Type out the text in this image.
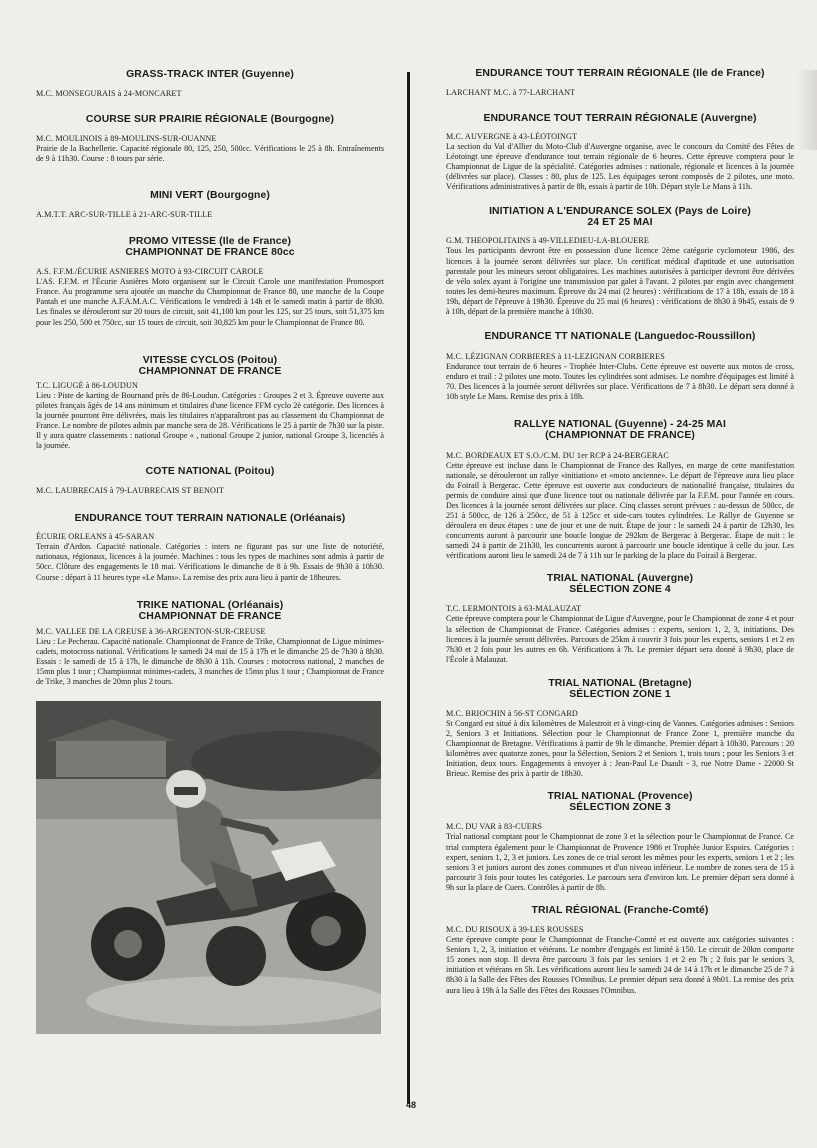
GRASS-TRACK INTER (Guyenne)

M.C. MONSEGURAIS à 24-MONCARET

COURSE SUR PRAIRIE RÉGIONALE (Bourgogne)

M.C. MOULINOIS à 89-MOULINS-SUR-OUANNE

Prairie de la Bachellerie. Capacité régionale 80, 125, 250, 500cc. Vérifications le 25 à 8h. Entraînements de 9 à 11h30. Course : 8 tours par série.

MINI VERT (Bourgogne)

A.M.T.T. ARC-SUR-TILLE à 21-ARC-SUR-TILLE

PROMO VITESSE (Ile de France)
CHAMPIONNAT DE FRANCE 80cc

A.S. F.F.M./ÉCURIE ASNIERES MOTO à 93-CIRCUIT CAROLE

L'AS. F.F.M. et l'Écurie Asnières Moto organisent sur le Circuit Carole une manifestation Promosport France. Au programme sera ajoutée un manche du Championnat de France 80, une manche de la Coupe Pantah et une manche A.F.A.M.A.C. Vérifications le vendredi à 14h et le samedi matin à partir de 8h30. Les finales se dérouleront sur 20 tours de circuit, soit 41,100 km pour les 125, sur 25 tours, soit 51,375 km pour les 250, 500 et 750cc, sur 15 tours de circuit, soit 30,825 km pour le Championnat de France 80.

VITESSE CYCLOS (Poitou)
CHAMPIONNAT DE FRANCE

T.C. LIGUGÉ à 86-LOUDUN

Lieu : Piste de karting de Bournand près de 86-Loudun. Catégories : Groupes 2 et 3. Épreuve ouverte aux pilotes français âgés de 14 ans minimum et titulaires d'une licence FFM cyclo 2è catégorie. Des licences à la journée pourront être délivrées, mais les titulaires n'apparaîtront pas au classement du Championnat de France. Le nombre de pilotes admis par manche sera de 28. Vérifications le 25 à partir de 7h30 sur la piste. Il y aura quatre classements : national Groupe « , national Groupe 2 junior, national Groupe 3, licenciés à la journée.

COTE NATIONAL (Poitou)

M.C. LAUBRECAIS à 79-LAUBRECAIS ST BENOIT

ENDURANCE TOUT TERRAIN NATIONALE (Orléanais)

ÉCURIE ORLEANS à 45-SARAN

Terrain d'Ardon. Capacité nationale. Catégories : inters ne figurant pas sur une liste de notoriété, nationaux, régionaux, licences à la journée. Machines : tous les types de machines sont admis à partir de 50cc. Clôture des engagements le 18 mai. Vérifications le dimanche de 8 à 9h. Essais de 9h30 à 10h30. Course : départ à 11 heures type «Le Mans». La remise des prix aura lieu à partir de 18heures.

TRIKE NATIONAL (Orléanais)
CHAMPIONNAT DE FRANCE

M.C. VALLEE DE LA CREUSE à 36-ARGENTON-SUR-CREUSE

Lieu : Le Pecherau. Capacité nationale. Championnat de France de Trike, Championnat de Ligue minimes-cadets, motocross national. Vérifications le samedi 24 mai de 15 à 17h et le dimanche 25 de 7h30 à 8h30. Essais : le samedi de 15 à 17h, le dimanche de 8h30 à 11h. Courses : motocross national, 2 manches de 15mn plus 1 tour ; Championnat minimes-cadets, 3 manches de 15mn plus 1 tour ; Championnat de France de Trike, 3 manches de 20mn plus 2 tours.

ENDURANCE TOUT TERRAIN RÉGIONALE (Ile de France)

LARCHANT M.C. à 77-LARCHANT

ENDURANCE TOUT TERRAIN RÉGIONALE (Auvergne)

M.C. AUVERGNE à 43-LÉOTOINGT

La section du Val d'Allier du Moto-Club d'Auvergne organise, avec le concours du Comité des Fêtes de Léotoingt une épreuve d'endurance tout terrain régionale de 6 heures. Cette épreuve comptera pour le Championnat de Ligue de la spécialité. Catégories admises : nationale, régionale et licences à la journée (délivrées sur place). Classes : 80, plus de 125. Les équipages seront composés de 2 pilotes, une moto. Vérifications administratives à partir de 8h, essais à partir de 10h. Départ style Le Mans à 11h.

INITIATION A L'ENDURANCE SOLEX (Pays de Loire)
24 ET 25 MAI

G.M. THEOPOLITAINS à 49-VILLEDIEU-LA-BLOUERE

Tous les participants devront être en possession d'une licence 2ème catégorie cyclomoteur 1986, des licences à la journée seront délivrées sur place. Un certificat médical d'aptitude et une autorisation parentale pour les mineurs seront obligatoires. Les machines autorisées à participer devront être dérivées de vélo solex ayant à l'origine une transmission par galet à l'avant. 2 pilotes par engin avec changement toutes les demi-heures maximum. Épreuve du 24 mai (2 heures) : vérifications de 17 à 18h, essais de 18 à 19h, départ de l'épreuve à 19h30. Épreuve du 25 mai (6 heures) : vérifications de 8h30 à 9h45, essais de 9 à 10h, départ de la première manche à 10h30.

ENDURANCE TT NATIONALE (Languedoc-Roussillon)

M.C. LÉZIGNAN CORBIERES à 11-LEZIGNAN CORBIERES

Endurance tout terrain de 6 heures - Trophée Inter-Clubs. Cette épreuve est ouverte aux motos de cross, enduro et trail : 2 pilotes une moto. Toutes les cylindrées sont admises. Le nombre d'équipages est limité à 70. Des licences à la journée seront délivrées sur place. Vérifications de 7 à 8h30. Le départ sera donné à 10h style Le Mans. Remise des prix à 18h.

RALLYE NATIONAL (Guyenne) - 24-25 MAI
(CHAMPIONNAT DE FRANCE)

M.C. BORDEAUX ET S.O./C.M. DU 1er RCP à 24-BERGERAC

Cette épreuve est incluse dans le Championnat de France des Rallyes, en marge de cette manifestation nationale, se dérouleront un rallye «initiation» et «moto ancienne». Le départ de l'épreuve aura lieu place du Foirail à Bergerac. Cette épreuve est ouverte aux conducteurs de nationalité française, titulaires du permis de conduire ainsi que d'une licence tout ou nationale délivrée par la F.F.M. pour l'année en cours. Des licences à la journée seront délivrées sur place. Cinq classes seront prévues : au-dessus de 500cc, de 251 à 500cc, de 126 à 250cc, de 51 à 125cc et side-cars toutes cylindrées. Le Rallye de Guyenne se déroulera en deux étapes : une de jour et une de nuit. Étape de jour : le samedi 24 à partir de 12h30, les concurrents auront à parcourir une boucle longue de 292km de Bergerac à Bergerac. Étape de nuit : le samedi 24 à partir de 21h30, les concurrents auront à parcourir une boucle identique à celle du jour. Les vérifications auront lieu le samedi 24 de 7 à 11h sur le parking de la place du Foirail à Bergerac.

TRIAL NATIONAL (Auvergne)
SÉLECTION ZONE 4

T.C. LERMONTOIS à 63-MALAUZAT

Cette épreuve comptera pour le Championnat de Ligue d'Auvergne, pour le Championnat de zone 4 et pour la sélection de Championnat de France. Catégories admises : experts, seniors 1, 2, 3, initiations. Des licences à la journée seront délivrées. Parcours de 25km à couvrir 3 fois pour les experts, seniors 1 et 2 en 7h30 et 2 fois pour les autres en 6h. Vérifications à 7h. Le premier départ sera donné à 9h30, place de l'École à Malauzat.

TRIAL NATIONAL (Bretagne)
SÉLECTION ZONE 1

M.C. BRIOCHIN à 56-ST CONGARD

St Congard est situé à dix kilomètres de Malestroit et à vingt-cinq de Vannes. Catégories admises : Seniors 2, Seniors 3 et Initiations. Sélection pour le Championnat de France Zone 1, première manche du Championnat de Bretagne. Vérifications à partir de 9h le dimanche. Premier départ à 10h30. Parcours : 20 kilomètres avec quatorze zones, pour la Sélection, Seniors 2 et Seniors 1, trois tours ; pour les Seniors 3 et Initiation, deux tours. Engagements à envoyer à : Jean-Paul Le Duault - 3, rue Notre Dame - 22000 St Brieuc. Remise des prix à partir de 18h30.

TRIAL NATIONAL (Provence)
SÉLECTION ZONE 3

M.C. DU VAR à 83-CUERS

Trial national comptant pour le Championnat de zone 3 et la sélection pour le Championnat de France. Ce trial comptera également pour le Championnat de Provence 1986 et Trophée Junior Espoirs. Catégories : expert, seniors 1, 2, 3 et juniors. Les zones de ce trial seront les mêmes pour les experts, seniors 1 et 2 ; les seniors 3 et juniors auront des zones communes et d'un niveau inférieur. Le nombre de zones sera de 15 à parcourir 3 fois pour toutes les catégories. Le parcours sera d'environ km. Le premier départ sera donné à 9h sur la place de Cuers. Contrôles à partir de 8h.

TRIAL RÉGIONAL (Franche-Comté)

M.C. DU RISOUX à 39-LES ROUSSES

Cette épreuve compte pour le Championnat de Franche-Comté et est ouverte aux catégories suivantes : Seniors 1, 2, 3, initiation et vétérans. Le nombre d'engagés est limité à 150. Le circuit de 20km comporte 15 zones non stop. Il devra être parcouru 3 fois par les seniors 1 et 2 en 7h ; 2 fois par le seniors 3, initiation et vétérans en 5h. Les vérifications auront lieu le samedi 24 de 14 à 17h et le dimanche 25 de 7 à 8h30 à la Salle des Fêtes des Rousses l'Omnibus. Le premier départ sera donné à 9h01. La remise des prix aura lieu à 19h à la Salle des Fêtes des Rousses l'Omnibus.

48
